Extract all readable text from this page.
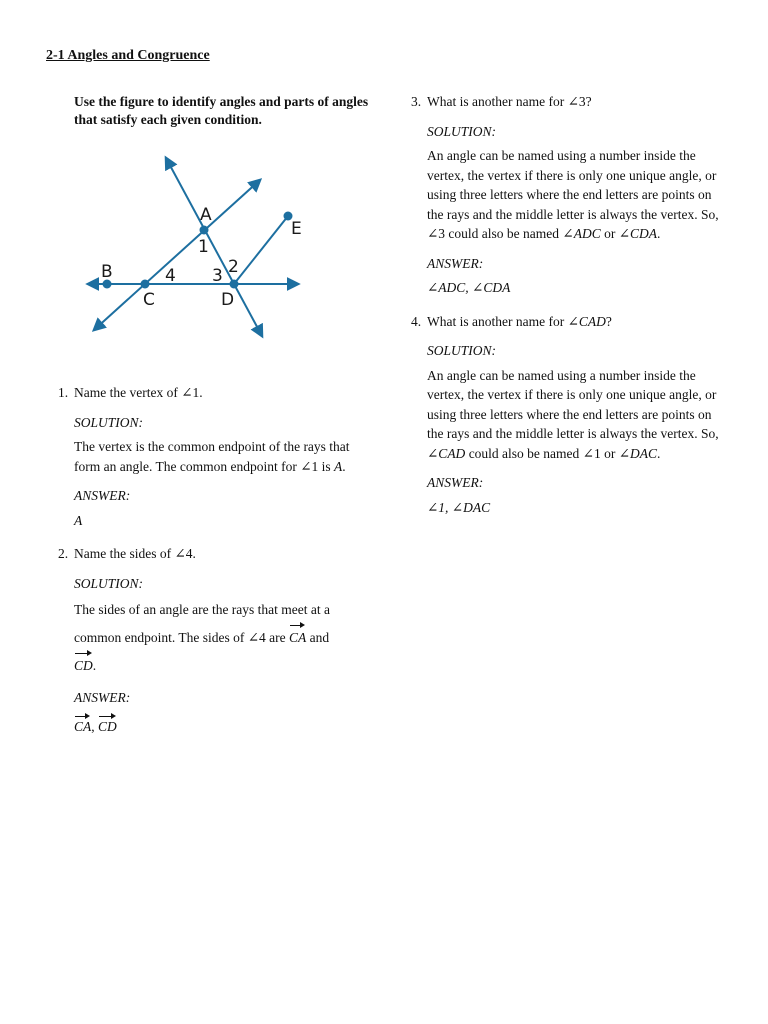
2-1 Angles and Congruence
Use the figure to identify angles and parts of angles that satisfy each given condition.
A
B
C	D
E
1
2
3
4
1. Name the vertex of ∠1.
SOLUTION:
The vertex is the common endpoint of the rays that form an angle. The common endpoint for ∠1 is A.
ANSWER:
A
2. Name the sides of ∠4.
SOLUTION:
The sides of an angle are the rays that meet at a common endpoint. The sides of ∠4 are CA and
CD.
ANSWER:
CA, CD
3. What is another name for ∠3?
SOLUTION:
An angle can be named using a number inside the vertex, the vertex if there is only one unique angle, or using three letters where the end letters are points on the rays and the middle letter is always the vertex. So, ∠3 could also be named ∠ADC or ∠CDA.
ANSWER:
∠ADC, ∠CDA
4. What is another name for ∠CAD?
SOLUTION:
An angle can be named using a number inside the vertex, the vertex if there is only one unique angle, or using three letters where the end letters are points on the rays and the middle letter is always the vertex. So, ∠CAD could also be named ∠1 or ∠DAC.
ANSWER:
∠1, ∠DAC
